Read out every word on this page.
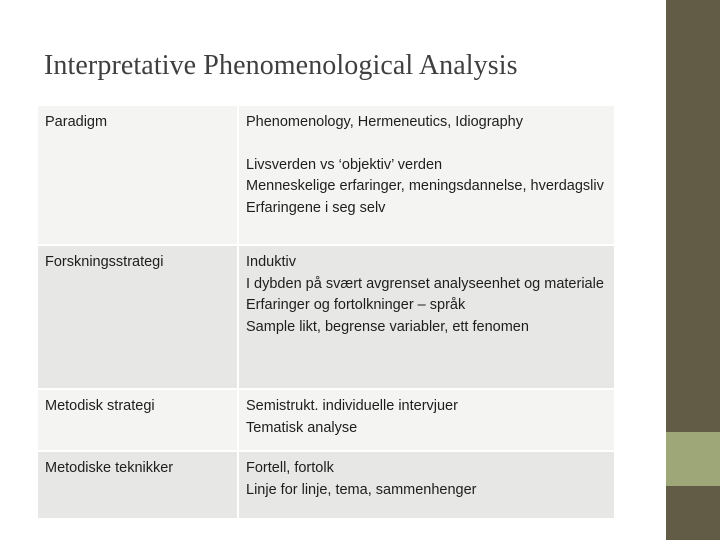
Interpretative Phenomenological Analysis
Paradigm	Phenomenology, Hermeneutics, Idiography
Livsverden vs ‘objektiv’ verden
Menneskelige erfaringer, meningsdannelse, hverdagsliv
Erfaringene i seg selv

Forskningsstrategi	Induktiv
I dybden på svært avgrenset analyseenhet og materiale
Erfaringer og fortolkninger – språk
Sample likt, begrense variabler, ett fenomen

Metodisk strategi	Semistrukt. individuelle intervjuer
Tematisk analyse

Metodiske teknikker	Fortell, fortolk
Linje for linje, tema, sammenhenger
